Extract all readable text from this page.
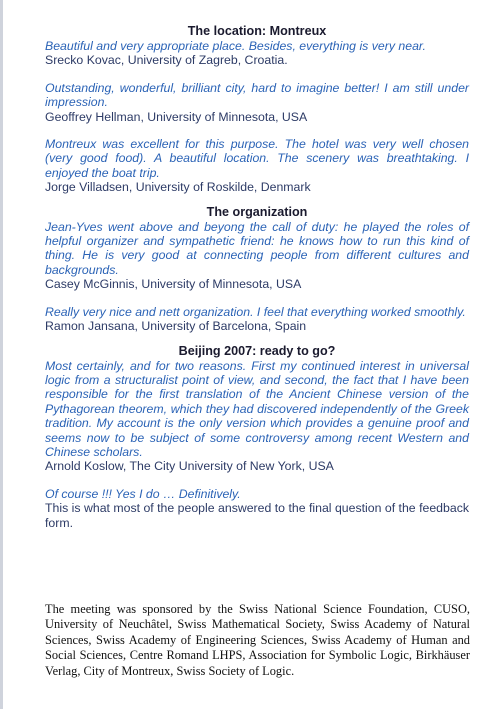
The location: Montreux

Beautiful and very appropriate place. Besides, everything is very near.

Srecko Kovac, University of Zagreb, Croatia.

Outstanding, wonderful, brilliant city, hard to imagine better! I am still under impression.

Geoffrey Hellman, University of Minnesota, USA

Montreux was excellent for this purpose. The hotel was very well chosen (very good food). A beautiful location. The scenery was breathtaking. I enjoyed the boat trip.

Jorge Villadsen, University of Roskilde, Denmark

The organization

Jean-Yves went above and beyong the call of duty: he played the roles of helpful organizer and sympathetic friend: he knows how to run this kind of thing. He is very good at connecting people from different cultures and backgrounds.

Casey McGinnis, University of Minnesota, USA

Really very nice and nett organization. I feel that everything worked smoothly.

Ramon Jansana, University of Barcelona, Spain

Beijing 2007: ready to go?

Most certainly, and for two reasons. First my continued interest in universal logic from a structuralist point of view, and second, the fact that I have been responsible for the first translation of the Ancient Chinese version of the Pythagorean theorem, which they had discovered independently of the Greek tradition. My account is the only version which provides a genuine proof and seems now to be subject of some controversy among recent Western and Chinese scholars.

Arnold Koslow, The City University of New York, USA

Of course !!! Yes I do … Definitively.

This is what most of the people answered to the final question of the feedback form.

The meeting was sponsored by the Swiss National Science Foundation, CUSO, University of Neuchâtel, Swiss Mathematical Society, Swiss Academy of Natural Sciences, Swiss Academy of Engineering Sciences, Swiss Academy of Human and Social Sciences, Centre Romand LHPS, Association for Symbolic Logic, Birkhäuser Verlag, City of Montreux, Swiss Society of Logic.
